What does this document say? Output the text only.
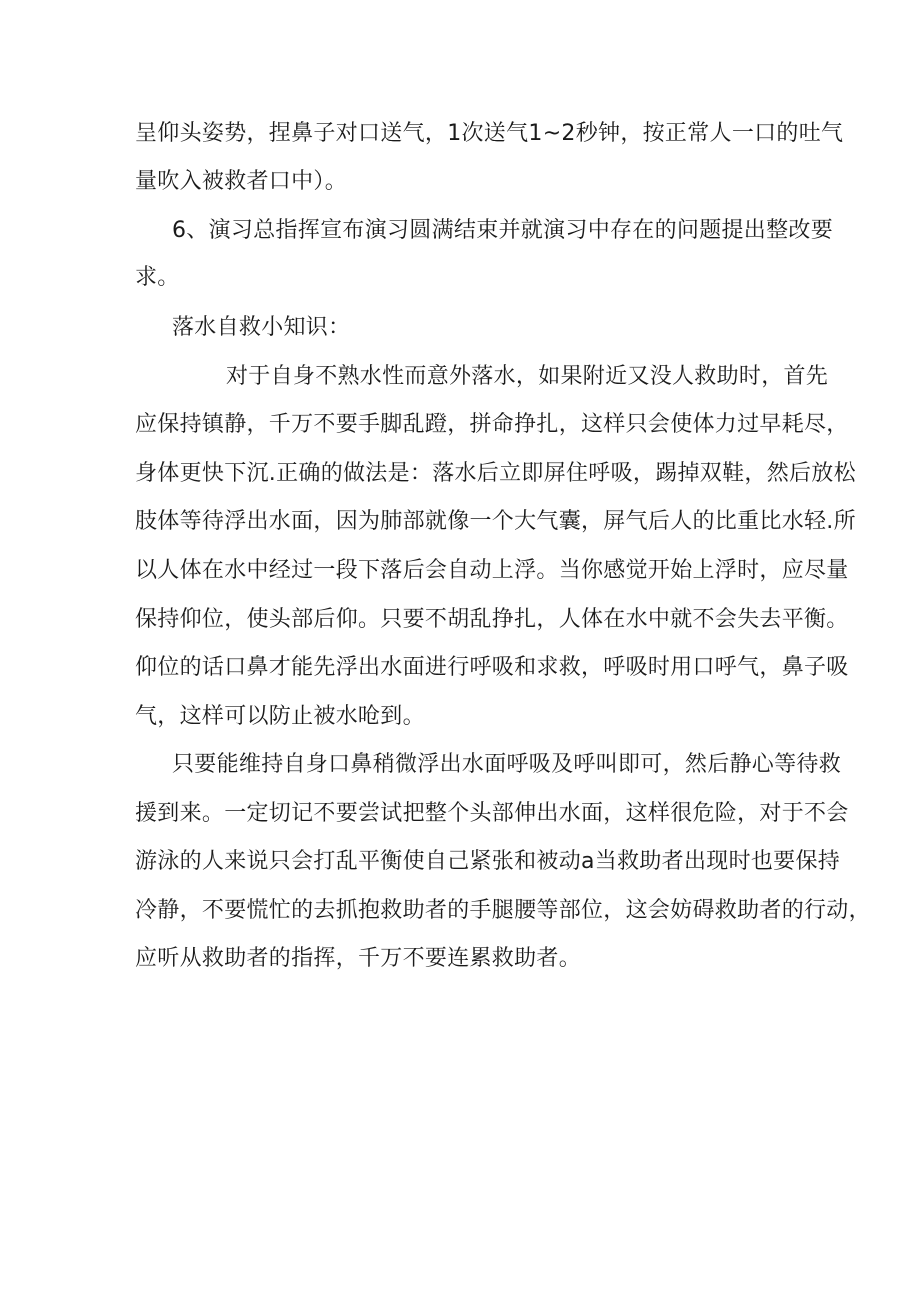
呈仰头姿势，捏鼻子对口送气，1次送气1~2秒钟，按正常人一口的吐气
量吹入被救者口中）。
6、演习总指挥宣布演习圆满结束并就演习中存在的问题提出整改要
求。
落水自救小知识：
对于自身不熟水性而意外落水，如果附近又没人救助时，首先
应保持镇静，千万不要手脚乱蹬，拼命挣扎，这样只会使体力过早耗尽，
身体更快下沉.正确的做法是：落水后立即屏住呼吸，踢掉双鞋，然后放松
肢体等待浮出水面，因为肺部就像一个大气囊，屏气后人的比重比水轻.所
以人体在水中经过一段下落后会自动上浮。当你感觉开始上浮时，应尽量
保持仰位，使头部后仰。只要不胡乱挣扎，人体在水中就不会失去平衡。
仰位的话口鼻才能先浮出水面进行呼吸和求救，呼吸时用口呼气，鼻子吸
气，这样可以防止被水呛到。
只要能维持自身口鼻稍微浮出水面呼吸及呼叫即可，然后静心等待救
援到来。一定切记不要尝试把整个头部伸出水面，这样很危险，对于不会
游泳的人来说只会打乱平衡使自己紧张和被动a当救助者出现时也要保持
冷静，不要慌忙的去抓抱救助者的手腿腰等部位，这会妨碍救助者的行动，
应听从救助者的指挥，千万不要连累救助者。
